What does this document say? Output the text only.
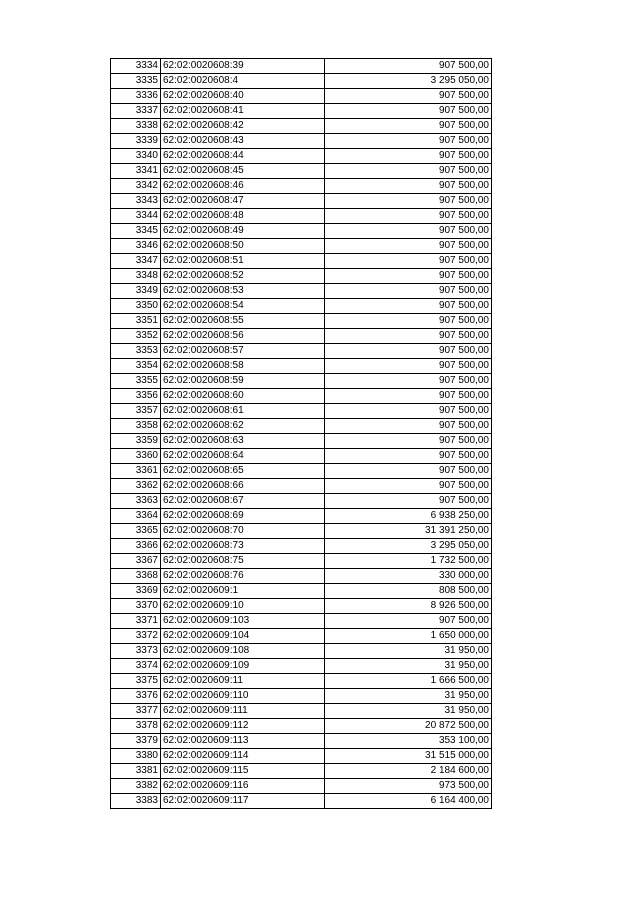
3334	62:02:0020608:39	907 500,00
3335	62:02:0020608:4	3 295 050,00
3336	62:02:0020608:40	907 500,00
3337	62:02:0020608:41	907 500,00
3338	62:02:0020608:42	907 500,00
3339	62:02:0020608:43	907 500,00
3340	62:02:0020608:44	907 500,00
3341	62:02:0020608:45	907 500,00
3342	62:02:0020608:46	907 500,00
3343	62:02:0020608:47	907 500,00
3344	62:02:0020608:48	907 500,00
3345	62:02:0020608:49	907 500,00
3346	62:02:0020608:50	907 500,00
3347	62:02:0020608:51	907 500,00
3348	62:02:0020608:52	907 500,00
3349	62:02:0020608:53	907 500,00
3350	62:02:0020608:54	907 500,00
3351	62:02:0020608:55	907 500,00
3352	62:02:0020608:56	907 500,00
3353	62:02:0020608:57	907 500,00
3354	62:02:0020608:58	907 500,00
3355	62:02:0020608:59	907 500,00
3356	62:02:0020608:60	907 500,00
3357	62:02:0020608:61	907 500,00
3358	62:02:0020608:62	907 500,00
3359	62:02:0020608:63	907 500,00
3360	62:02:0020608:64	907 500,00
3361	62:02:0020608:65	907 500,00
3362	62:02:0020608:66	907 500,00
3363	62:02:0020608:67	907 500,00
3364	62:02:0020608:69	6 938 250,00
3365	62:02:0020608:70	31 391 250,00
3366	62:02:0020608:73	3 295 050,00
3367	62:02:0020608:75	1 732 500,00
3368	62:02:0020608:76	330 000,00
3369	62:02:0020609:1	808 500,00
3370	62:02:0020609:10	8 926 500,00
3371	62:02:0020609:103	907 500,00
3372	62:02:0020609:104	1 650 000,00
3373	62:02:0020609:108	31 950,00
3374	62:02:0020609:109	31 950,00
3375	62:02:0020609:11	1 666 500,00
3376	62:02:0020609:110	31 950,00
3377	62:02:0020609:111	31 950,00
3378	62:02:0020609:112	20 872 500,00
3379	62:02:0020609:113	353 100,00
3380	62:02:0020609:114	31 515 000,00
3381	62:02:0020609:115	2 184 600,00
3382	62:02:0020609:116	973 500,00
3383	62:02:0020609:117	6 164 400,00
